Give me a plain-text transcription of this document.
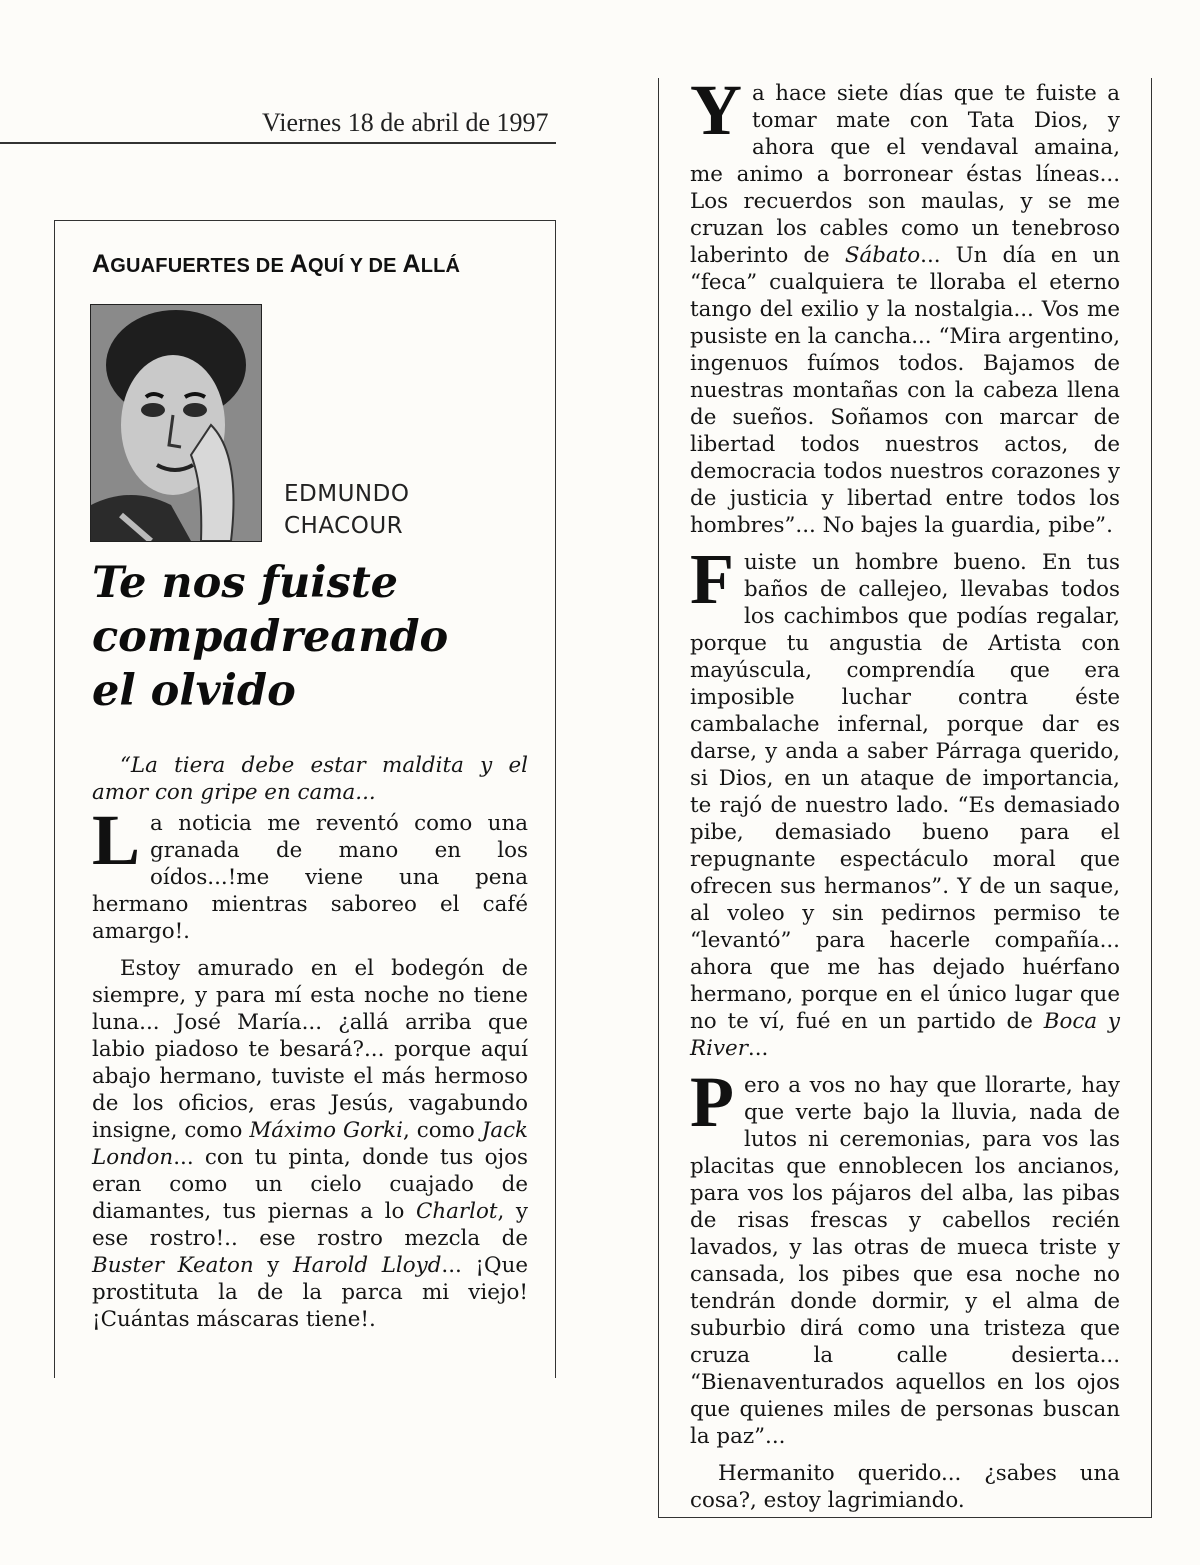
Viernes 18 de abril de 1997
AGUAFUERTES DE AQUÍ Y DE ALLÁ
EDMUNDO
CHACOUR
Te nos fuiste
compadreando
el olvido

“La tiera debe estar maldita y el amor con gripe en cama...

La noticia me reventó como una granada de mano en los oídos...!me viene una pena hermano mientras saboreo el café amargo!.

Estoy amurado en el bodegón de siempre, y para mí esta noche no tiene luna... José María... ¿allá arriba que labio piadoso te besará?... porque aquí abajo hermano, tuviste el más hermoso de los oficios, eras Jesús, vagabundo insigne, como Máximo Gorki, como Jack London... con tu pinta, donde tus ojos eran como un cielo cuajado de diamantes, tus piernas a lo Charlot, y ese rostro!.. ese rostro mezcla de Buster Keaton y Harold Lloyd... ¡Que prostituta la de la parca mi viejo! ¡Cuántas máscaras tiene!.

Ya hace siete días que te fuiste a tomar mate con Tata Dios, y ahora que el vendaval amaina, me animo a borronear éstas líneas... Los recuerdos son maulas, y se me cruzan los cables como un tenebroso laberinto de Sábato... Un día en un “feca” cualquiera te lloraba el eterno tango del exilio y la nostalgia... Vos me pusiste en la cancha... “Mira argentino, ingenuos fuímos todos. Bajamos de nuestras montañas con la cabeza llena de sueños. Soñamos con marcar de libertad todos nuestros actos, de democracia todos nuestros corazones y de justicia y libertad entre todos los hombres”... No bajes la guardia, pibe”.

Fuiste un hombre bueno. En tus baños de callejeo, llevabas todos los cachimbos que podías regalar, porque tu angustia de Artista con mayúscula, comprendía que era imposible luchar contra éste cambalache infernal, porque dar es darse, y anda a saber Párraga querido, si Dios, en un ataque de importancia, te rajó de nuestro lado. “Es demasiado pibe, demasiado bueno para el repugnante espectáculo moral que ofrecen sus hermanos”. Y de un saque, al voleo y sin pedirnos permiso te “levantó” para hacerle compañía... ahora que me has dejado huérfano hermano, porque en el único lugar que no te ví, fué en un partido de Boca y River...

Pero a vos no hay que llorarte, hay que verte bajo la lluvia, nada de lutos ni ceremonias, para vos las placitas que ennoblecen los ancianos, para vos los pájaros del alba, las pibas de risas frescas y cabellos recién lavados, y las otras de mueca triste y cansada, los pibes que esa noche no tendrán donde dormir, y el alma de suburbio dirá como una tristeza que cruza la calle desierta... “Bienaventurados aquellos en los ojos que quienes miles de personas buscan la paz”...

Hermanito querido... ¿sabes una cosa?, estoy lagrimiando.
